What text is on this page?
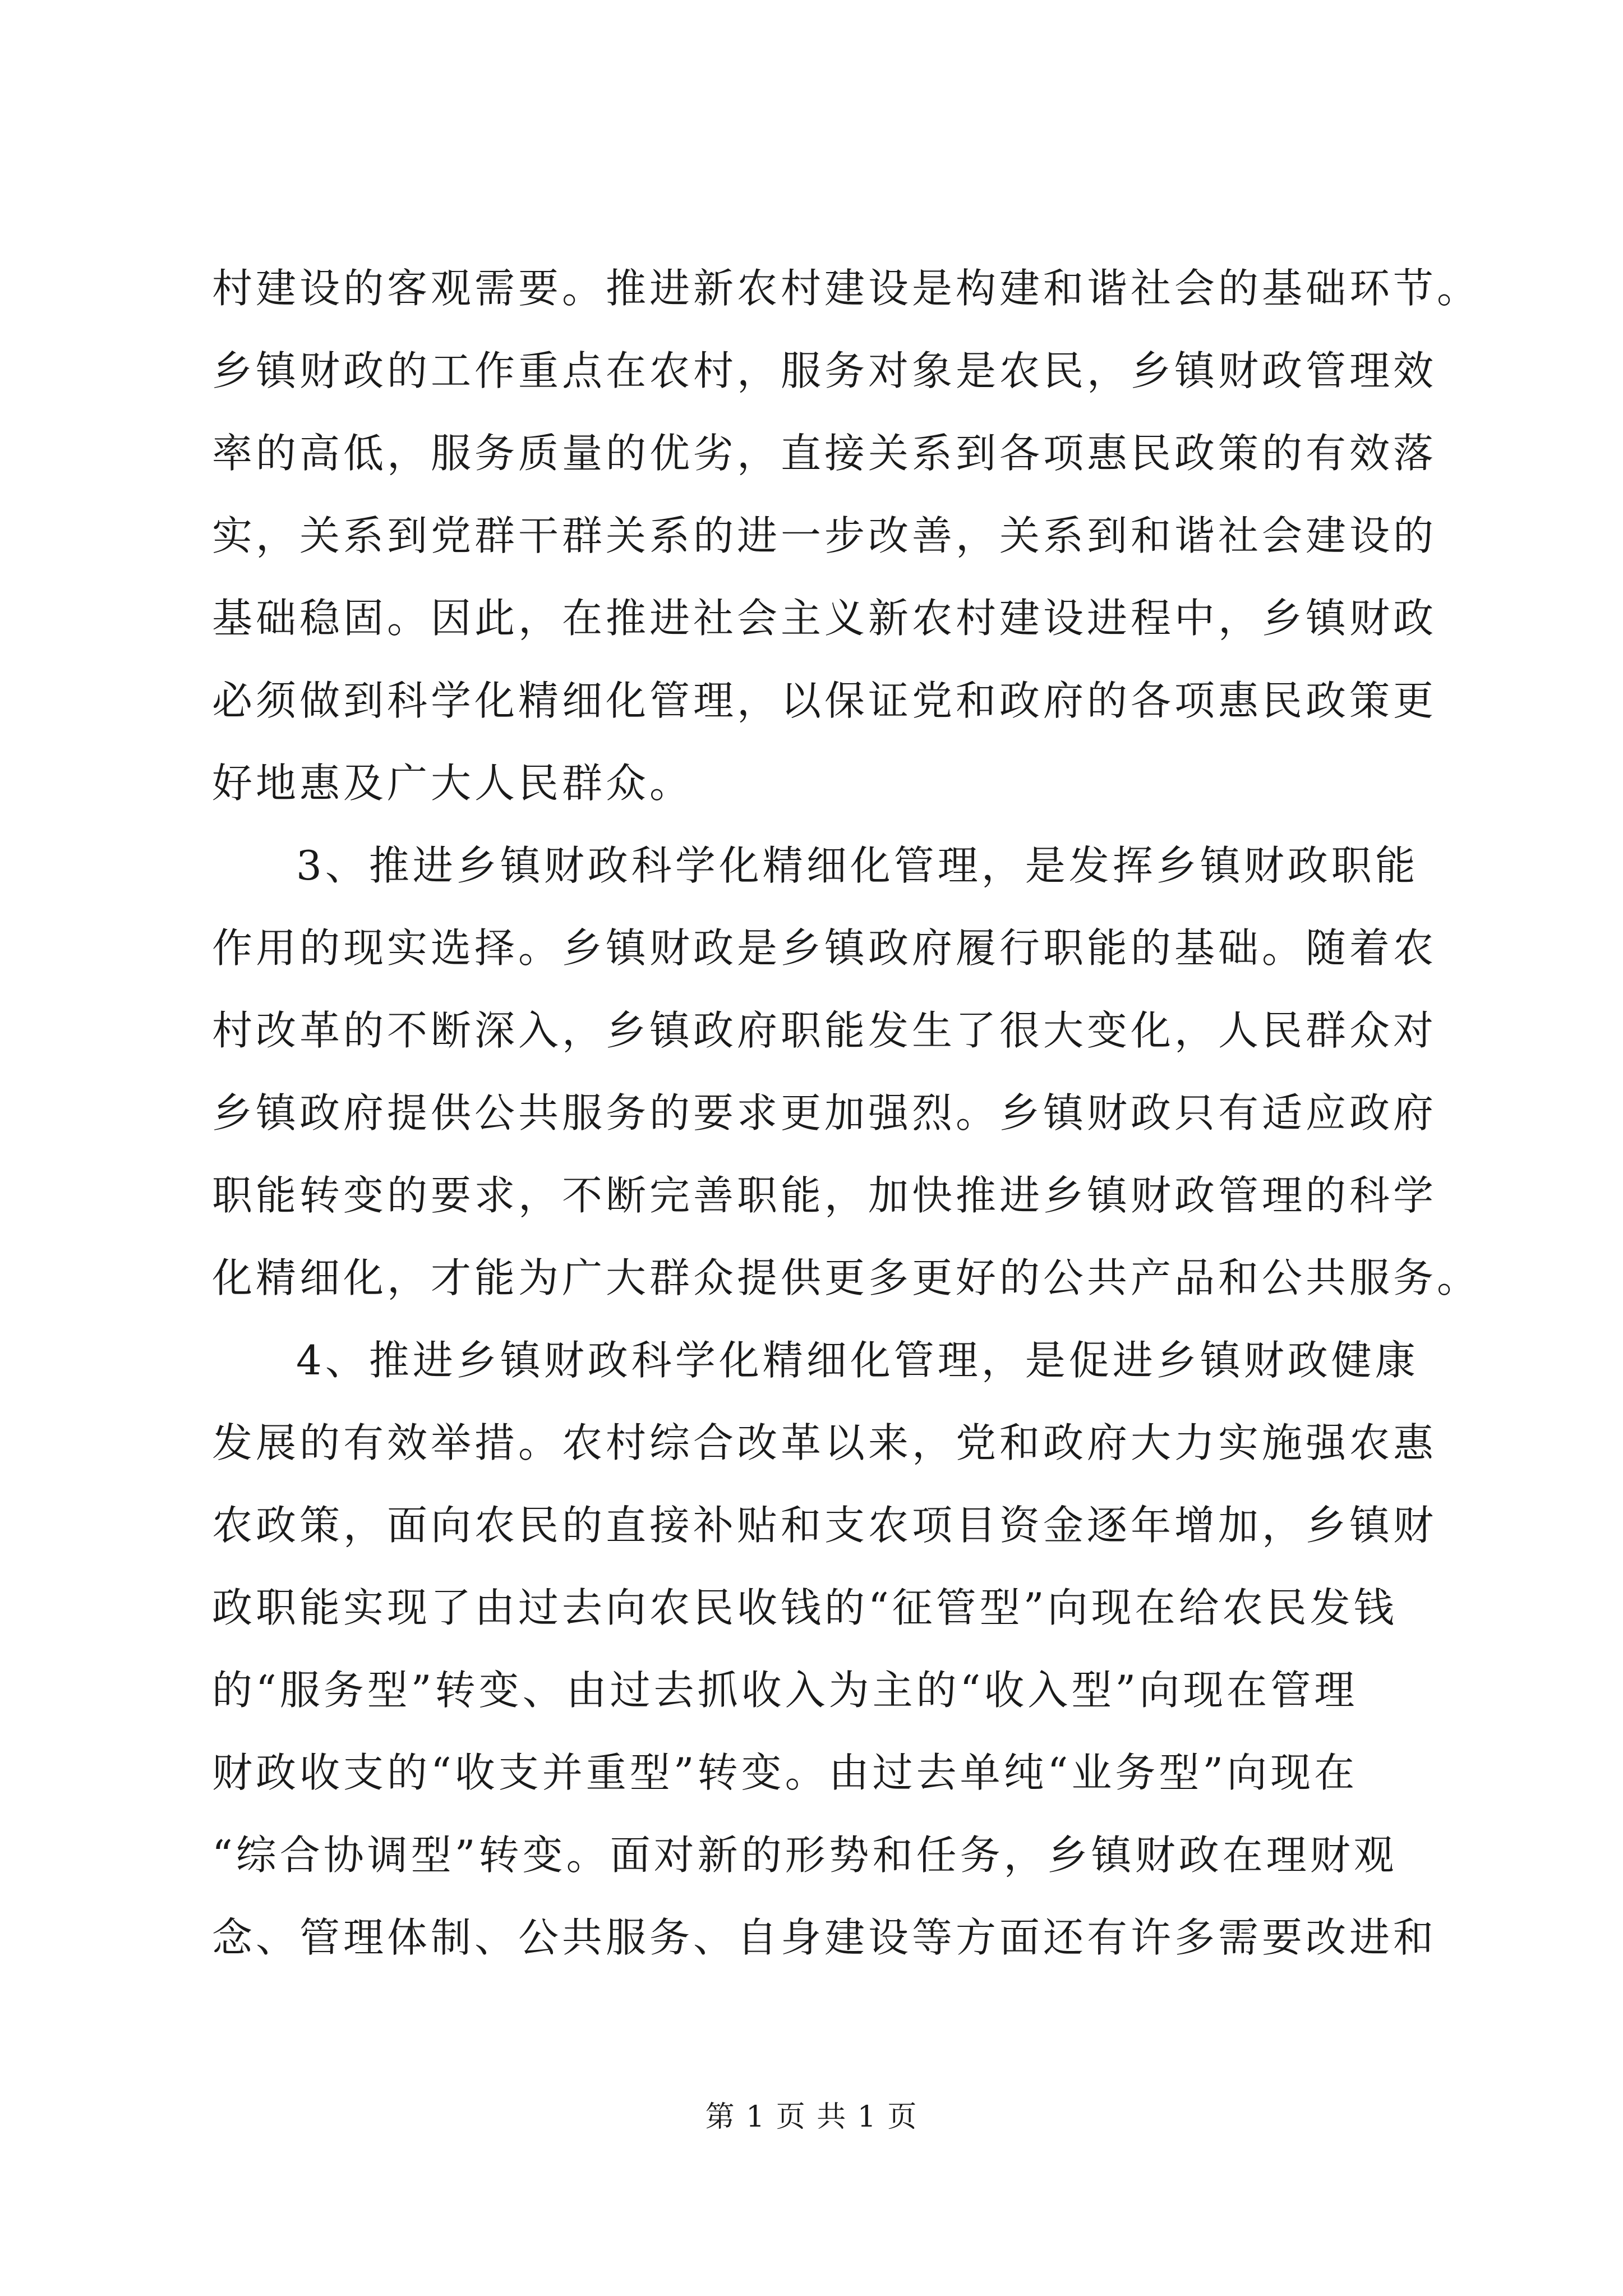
村建设的客观需要。推进新农村建设是构建和谐社会的基础环节。
乡镇财政的工作重点在农村，服务对象是农民，乡镇财政管理效
率的高低，服务质量的优劣，直接关系到各项惠民政策的有效落
实，关系到党群干群关系的进一步改善，关系到和谐社会建设的
基础稳固。因此，在推进社会主义新农村建设进程中，乡镇财政
必须做到科学化精细化管理，以保证党和政府的各项惠民政策更
好地惠及广大人民群众。
3、推进乡镇财政科学化精细化管理，是发挥乡镇财政职能
作用的现实选择。乡镇财政是乡镇政府履行职能的基础。随着农
村改革的不断深入，乡镇政府职能发生了很大变化，人民群众对
乡镇政府提供公共服务的要求更加强烈。乡镇财政只有适应政府
职能转变的要求，不断完善职能，加快推进乡镇财政管理的科学
化精细化，才能为广大群众提供更多更好的公共产品和公共服务。
4、推进乡镇财政科学化精细化管理，是促进乡镇财政健康
发展的有效举措。农村综合改革以来，党和政府大力实施强农惠
农政策，面向农民的直接补贴和支农项目资金逐年增加，乡镇财
政职能实现了由过去向农民收钱的“征管型”向现在给农民发钱
的“服务型”转变、由过去抓收入为主的“收入型”向现在管理
财政收支的“收支并重型”转变。由过去单纯“业务型”向现在
“综合协调型”转变。面对新的形势和任务，乡镇财政在理财观
念、管理体制、公共服务、自身建设等方面还有许多需要改进和
第 1 页 共 1 页
